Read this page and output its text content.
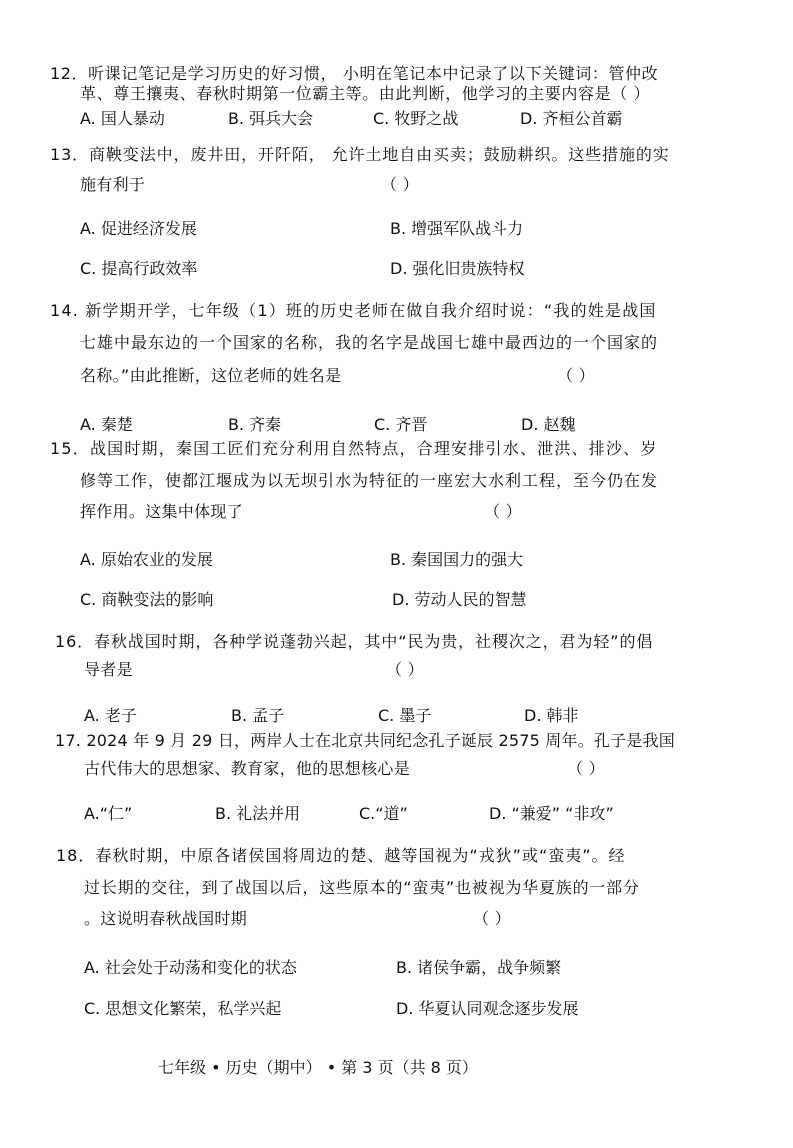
12．听课记笔记是学习历史的好习惯， 小明在笔记本中记录了以下关键词：管仲改
革、尊王攘夷、春秋时期第一位霸主等。由此判断，他学习的主要内容是（ ）
A. 国人暴动	B. 弭兵大会	C. 牧野之战	D. 齐桓公首霸
13．商鞅变法中，废井田，开阡陌， 允许土地自由买卖；鼓励耕织。这些措施的实
施有利于	（ ）
A. 促进经济发展	B. 增强军队战斗力
C. 提高行政效率	D. 强化旧贵族特权
14. 新学期开学，七年级（1）班的历史老师在做自我介绍时说：“我的姓是战国
七雄中最东边的一个国家的名称，我的名字是战国七雄中最西边的一个国家的
名称。”由此推断，这位老师的姓名是	（ ）
A. 秦楚	B. 齐秦	C. 齐晋	D. 赵魏
15．战国时期，秦国工匠们充分利用自然特点，合理安排引水、泄洪、排沙、岁
修等工作，使都江堰成为以无坝引水为特征的一座宏大水利工程，至今仍在发
挥作用。这集中体现了	（ ）
A. 原始农业的发展	B. 秦国国力的强大
C. 商鞅变法的影响	D. 劳动人民的智慧
16．春秋战国时期，各种学说蓬勃兴起，其中“民为贵，社稷次之，君为轻”的倡
导者是	（ ）
A. 老子	B. 孟子	C. 墨子	D. 韩非
17. 2024 年 9 月 29 日，两岸人士在北京共同纪念孔子诞辰 2575 周年。孔子是我国
古代伟大的思想家、教育家，他的思想核心是	（ ）
A.“仁”	B. 礼法并用	C.“道”	D. “兼爱” “非攻”
18．春秋时期，中原各诸侯国将周边的楚、越等国视为“戎狄”或“蛮夷”。经
过长期的交往，到了战国以后，这些原本的“蛮夷”也被视为华夏族的一部分
。这说明春秋战国时期	（ ）
A. 社会处于动荡和变化的状态	B. 诸侯争霸，战争频繁
C. 思想文化繁荣，私学兴起	D. 华夏认同观念逐步发展
七年级 • 历史（期中） • 第 3 页（共 8 页）
